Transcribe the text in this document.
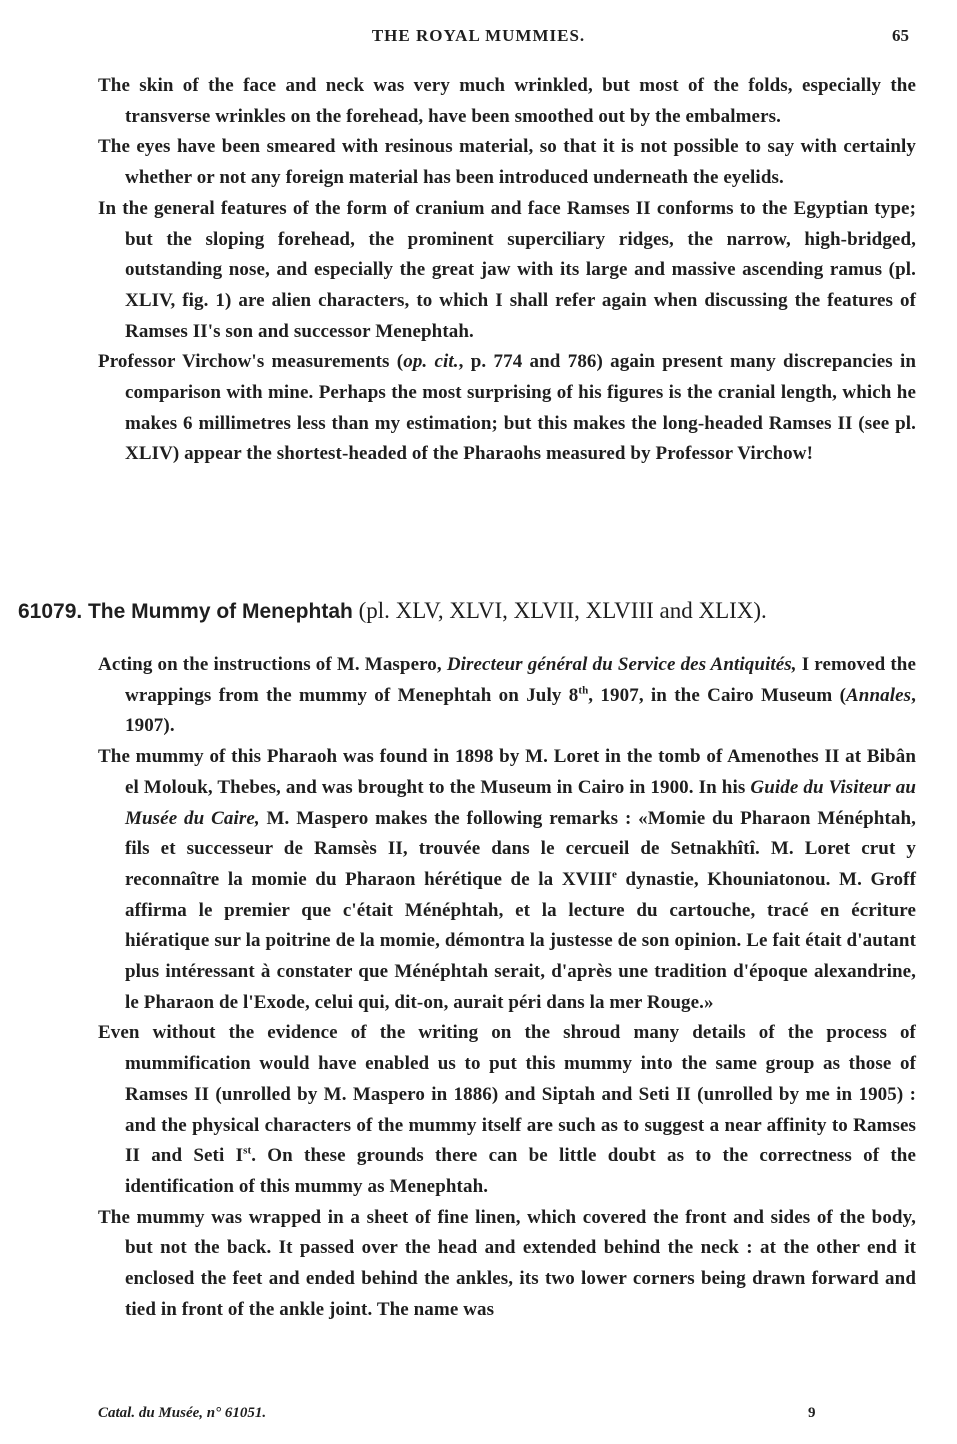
THE ROYAL MUMMIES.	65

The skin of the face and neck was very much wrinkled, but most of the folds, especially the transverse wrinkles on the forehead, have been smoothed out by the embalmers.

The eyes have been smeared with resinous material, so that it is not possible to say with certainly whether or not any foreign material has been introduced underneath the eyelids.

In the general features of the form of cranium and face Ramses II conforms to the Egyptian type; but the sloping forehead, the prominent superciliary ridges, the narrow, high-bridged, outstanding nose, and especially the great jaw with its large and massive ascending ramus (pl. XLIV, fig. 1) are alien characters, to which I shall refer again when discussing the features of Ramses II's son and successor Menephtah.

Professor Virchow's measurements (op. cit., p. 774 and 786) again present many discrepancies in comparison with mine. Perhaps the most surprising of his figures is the cranial length, which he makes 6 millimetres less than my estimation; but this makes the long-headed Ramses II (see pl. XLIV) appear the shortest-headed of the Pharaohs measured by Professor Virchow!

61079. The Mummy of Menephtah (pl. XLV, XLVI, XLVII, XLVIII and XLIX).

Acting on the instructions of M. Maspero, Directeur général du Service des Antiquités, I removed the wrappings from the mummy of Menephtah on July 8th, 1907, in the Cairo Museum (Annales, 1907).

The mummy of this Pharaoh was found in 1898 by M. Loret in the tomb of Amenothes II at Bibân el Molouk, Thebes, and was brought to the Museum in Cairo in 1900. In his Guide du Visiteur au Musée du Caire, M. Maspero makes the following remarks : «Momie du Pharaon Ménéphtah, fils et successeur de Ramsès II, trouvée dans le cercueil de Setnakhîtî. M. Loret crut y reconnaître la momie du Pharaon hérétique de la XVIIIe dynastie, Khouniatonou. M. Groff affirma le premier que c'était Ménéphtah, et la lecture du cartouche, tracé en écriture hiératique sur la poitrine de la momie, démontra la justesse de son opinion. Le fait était d'autant plus intéressant à constater que Ménéphtah serait, d'après une tradition d'époque alexandrine, le Pharaon de l'Exode, celui qui, dit-on, aurait péri dans la mer Rouge.»

Even without the evidence of the writing on the shroud many details of the process of mummification would have enabled us to put this mummy into the same group as those of Ramses II (unrolled by M. Maspero in 1886) and Siptah and Seti II (unrolled by me in 1905) : and the physical characters of the mummy itself are such as to suggest a near affinity to Ramses II and Seti Ist. On these grounds there can be little doubt as to the correctness of the identification of this mummy as Menephtah.

The mummy was wrapped in a sheet of fine linen, which covered the front and sides of the body, but not the back. It passed over the head and extended behind the neck : at the other end it enclosed the feet and ended behind the ankles, its two lower corners being drawn forward and tied in front of the ankle joint. The name was

Catal. du Musée, n° 61051.	9
